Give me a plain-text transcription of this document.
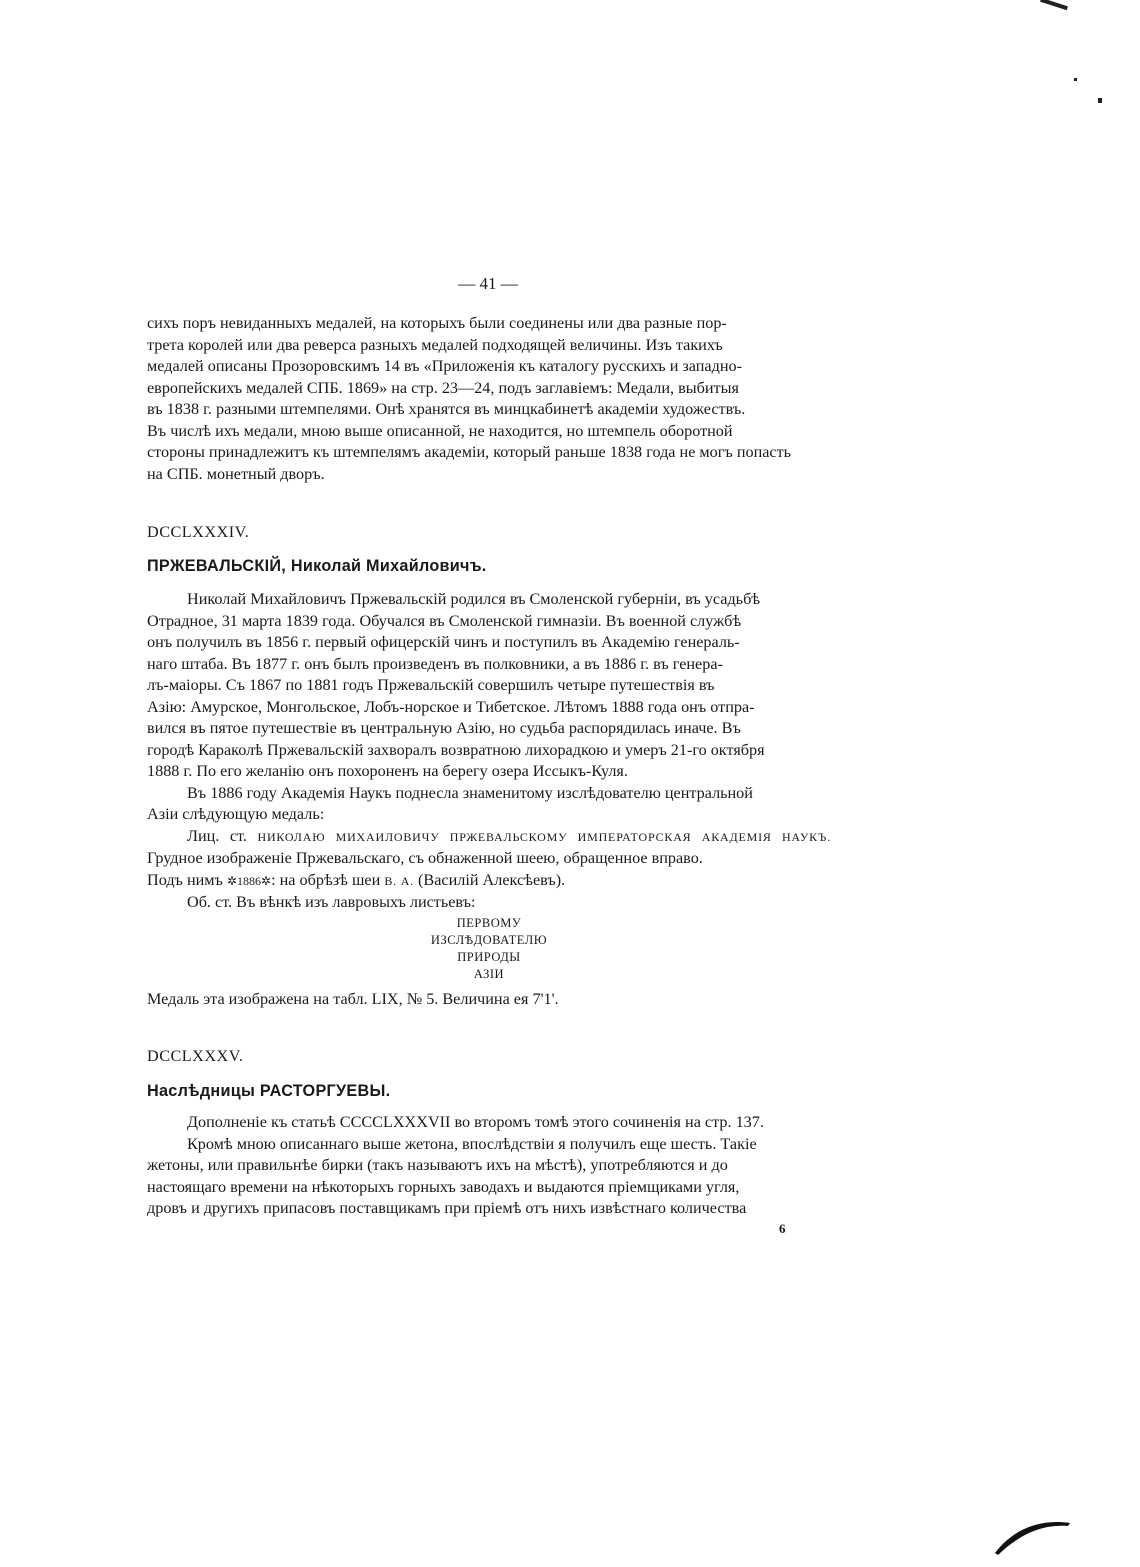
— 41 —

сихъ поръ невиданныхъ медалей, на которыхъ были соединены или два разные пор-

трета королей или два реверса разныхъ медалей подходящей величины. Изъ такихъ

медалей описаны Прозоровскимъ 14 въ «Приложенія къ каталогу русскихъ и западно-

европейскихъ медалей СПБ. 1869» на стр. 23—24, подъ заглавіемъ: Медали, выбитыя

въ 1838 г. разными штемпелями. Онѣ хранятся въ минцкабинетѣ академіи художествъ.

Въ числѣ ихъ медали, мною выше описанной, не находится, но штемпель оборотной

стороны принадлежитъ къ штемпелямъ академіи, который раньше 1838 года не могъ попасть

на СПБ. монетный дворъ.

DCCLXXXIV.

ПРЖЕВАЛЬСКІЙ, Николай Михайловичъ.

Николай Михайловичъ Пржевальскій родился въ Смоленской губерніи, въ усадьбѣ

Отрадное, 31 марта 1839 года. Обучался въ Смоленской гимназіи. Въ военной службѣ

онъ получилъ въ 1856 г. первый офицерскій чинъ и поступилъ въ Академію генераль-

наго штаба. Въ 1877 г. онъ былъ произведенъ въ полковники, а въ 1886 г. въ генера-

лъ-маіоры. Съ 1867 по 1881 годъ Пржевальскій совершилъ четыре путешествія въ

Азію: Амурское, Монгольское, Лобъ-норское и Тибетское. Лѣтомъ 1888 года онъ отпра-

вился въ пятое путешествіе въ центральную Азію, но судьба распорядилась иначе. Въ

городѣ Караколѣ Пржевальскій захворалъ возвратною лихорадкою и умеръ 21-го октября

1888 г. По его желанію онъ похороненъ на берегу озера Иссыкъ-Куля.

Въ 1886 году Академія Наукъ поднесла знаменитому изслѣдователю центральной

Азіи слѣдующую медаль:

Лиц. ст. НИКОЛАЮ МИХАИЛОВИЧУ ПРЖЕВАЛЬСКОМУ ИМПЕРАТОРСКАЯ АКАДЕМІЯ НАУКЪ. Грудное изображеніе Пржевальскаго, съ обнаженной шеею, обращенное вправо.

Подъ нимъ ✲1886✲: на обрѣзѣ шеи В. А. (Василій Алексѣевъ).

Об. ст. Въ вѣнкѣ изъ лавровыхъ листьевъ:

ПЕРВОМУ
ИЗСЛѢДОВАТЕЛЮ
ПРИРОДЫ
АЗІИ

Медаль эта изображена на табл. LIX, № 5. Величина ея 7'1'.

DCCLXXXV.

Наслѣдницы РАСТОРГУЕВЫ.

Дополненіе къ статьѣ CCCCLXXXVII во второмъ томѣ этого сочиненія на стр. 137.

Кромѣ мною описаннаго выше жетона, впослѣдствіи я получилъ еще шесть. Такіе

жетоны, или правильнѣе бирки (такъ называютъ ихъ на мѣстѣ), употребляются и до

настоящаго времени на нѣкоторыхъ горныхъ заводахъ и выдаются пріемщиками угля,

дровъ и другихъ припасовъ поставщикамъ при пріемѣ отъ нихъ извѣстнаго количества

6
